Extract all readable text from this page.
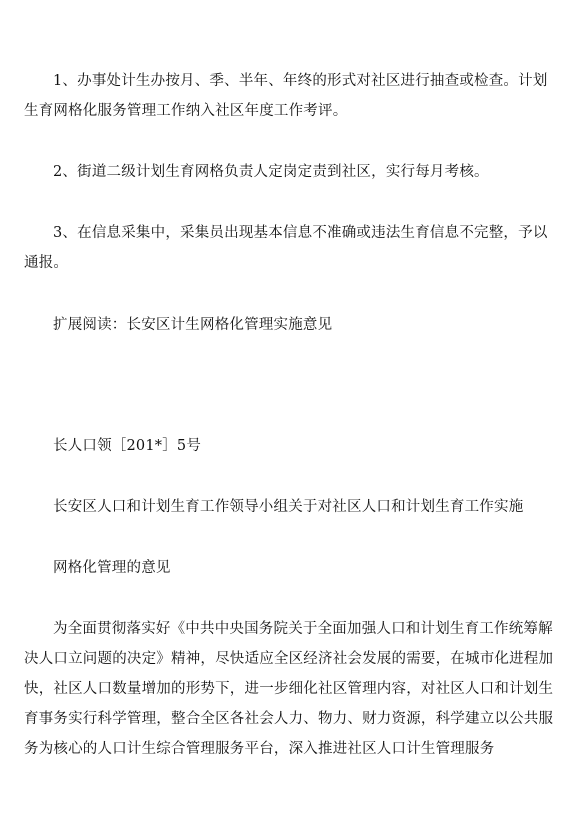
1、办事处计生办按月、季、半年、年终的形式对社区进行抽查或检查。计划生育网格化服务管理工作纳入社区年度工作考评。

2、街道二级计划生育网格负责人定岗定责到社区，实行每月考核。

3、在信息采集中，采集员出现基本信息不准确或违法生育信息不完整，予以通报。

扩展阅读：长安区计生网格化管理实施意见

长人口领［201*］5号

长安区人口和计划生育工作领导小组关于对社区人口和计划生育工作实施

网格化管理的意见

为全面贯彻落实好《中共中央国务院关于全面加强人口和计划生育工作统筹解决人口立问题的决定》精神，尽快适应全区经济社会发展的需要，在城市化进程加快，社区人口数量增加的形势下，进一步细化社区管理内容，对社区人口和计划生育事务实行科学管理，整合全区各社会人力、物力、财力资源，科学建立以公共服务为核心的人口计生综合管理服务平台，深入推进社区人口计生管理服务
